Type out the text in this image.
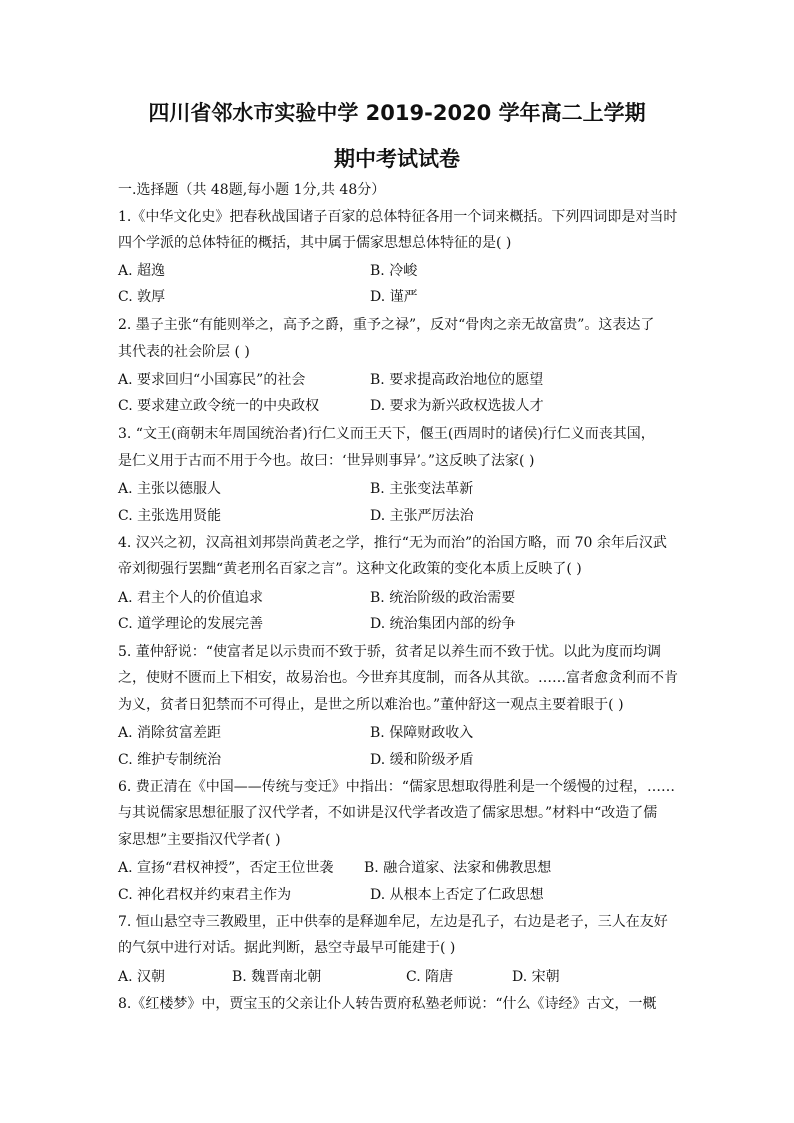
四川省邻水市实验中学 2019-2020 学年高二上学期
期中考试试卷
一.选择题（共 48题,每小题 1分,共 48分）
1.《中华文化史》把春秋战国诸子百家的总体特征各用一个词来概括。下列四词即是对当时
四个学派的总体特征的概括，其中属于儒家思想总体特征的是( )
A. 超逸	B. 冷峻
C. 敦厚	D. 谨严
2. 墨子主张“有能则举之，高予之爵，重予之禄”，反对“骨肉之亲无故富贵”。这表达了
其代表的社会阶层 ( )
A. 要求回归“小国寡民”的社会	B. 要求提高政治地位的愿望
C. 要求建立政令统一的中央政权	D. 要求为新兴政权选拔人才
3. “文王(商朝末年周国统治者)行仁义而王天下，偃王(西周时的诸侯)行仁义而丧其国，
是仁义用于古而不用于今也。故曰：‘世异则事异’。”这反映了法家( )
A. 主张以德服人	B. 主张变法革新
C. 主张选用贤能	D. 主张严厉法治
4. 汉兴之初，汉高祖刘邦崇尚黄老之学，推行“无为而治”的治国方略，而 70 余年后汉武
帝刘彻强行罢黜“黄老刑名百家之言”。这种文化政策的变化本质上反映了( )
A. 君主个人的价值追求	B. 统治阶级的政治需要
C. 道学理论的发展完善	D. 统治集团内部的纷争
5. 董仲舒说：“使富者足以示贵而不致于骄，贫者足以养生而不致于忧。以此为度而均调
之，使财不匮而上下相安，故易治也。今世弃其度制，而各从其欲。……富者愈贪利而不肯
为义，贫者日犯禁而不可得止，是世之所以难治也。”董仲舒这一观点主要着眼于( )
A. 消除贫富差距	B. 保障财政收入
C. 维护专制统治	D. 缓和阶级矛盾
6. 费正清在《中国——传统与变迁》中指出：“儒家思想取得胜利是一个缓慢的过程，……
与其说儒家思想征服了汉代学者，不如讲是汉代学者改造了儒家思想。”材料中“改造了儒
家思想”主要指汉代学者( )
A. 宣扬“君权神授”，否定王位世袭 B. 融合道家、法家和佛教思想
C. 神化君权并约束君主作为	D. 从根本上否定了仁政思想
7. 恒山悬空寺三教殿里，正中供奉的是释迦牟尼，左边是孔子，右边是老子，三人在友好
的气氛中进行对话。据此判断，悬空寺最早可能建于( )
A. 汉朝	B. 魏晋南北朝	C. 隋唐	D. 宋朝
8.《红楼梦》中，贾宝玉的父亲让仆人转告贾府私塾老师说：“什么《诗经》古文，一概
